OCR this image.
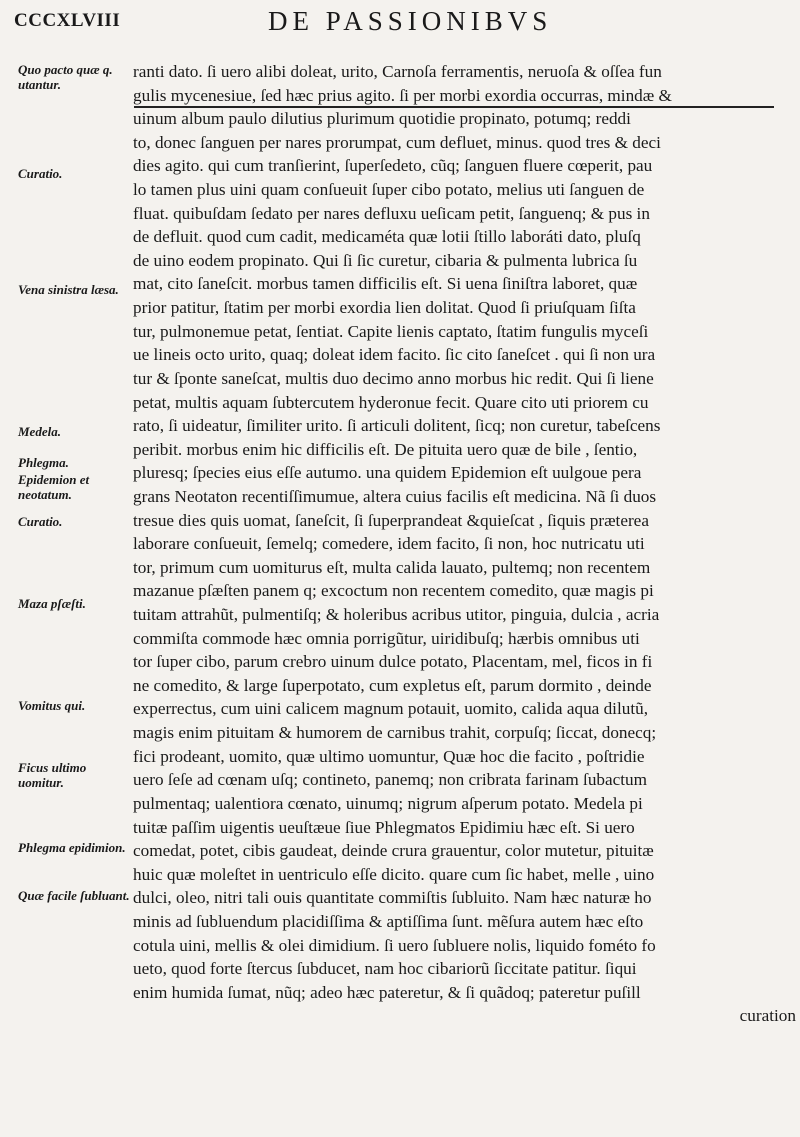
CCCXLVIII	DE PASSIONIBVS
Quo pacto quæ q. utantur.
Curatio.
Vena sinistra læsa.
Medela.
Phlegma.
Epidemion et neotatum.
Curatio.
Maza pſæſti.
Vomitus qui.
Ficus ultimo uomitur.
Phlegma epidimion.
Quæ facile ſubluant.
ranti dato. ſi uero alibi doleat, urito, Carnoſa ferramentis, neruoſa & oſſea fun
gulis mycenesiue, ſed hæc prius agito. ſi per morbi exordia occurras, mindæ &
uinum album paulo dilutius plurimum quotidie propinato, potumq; reddi
to, donec ſanguen per nares prorumpat, cum defluet, minus. quod tres & deci
dies agito. qui cum tranſierint, ſuperſedeto, cũq; ſanguen fluere cœperit, pau
lo tamen plus uini quam conſueuit ſuper cibo potato, melius uti ſanguen de
fluat. quibuſdam ſedato per nares defluxu ueſicam petit, ſanguenq; & pus in
de defluit. quod cum cadit, medicaméta quæ lotii ſtillo laboráti dato, pluſq
de uino eodem propinato. Qui ſi ſic curetur, cibaria & pulmenta lubrica ſu
mat, cito ſaneſcit. morbus tamen difficilis eſt. Si uena ſiniſtra laboret, quæ
prior patitur, ſtatim per morbi exordia lien dolitat. Quod ſi priuſquam ſiſta
tur, pulmonemue petat, ſentiat. Capite lienis captato, ſtatim fungulis myceſi
ue lineis octo urito, quaq; doleat idem facito. ſic cito ſaneſcet . qui ſi non ura
tur & ſponte saneſcat, multis duo decimo anno morbus hic redit. Qui ſi liene
petat, multis aquam ſubtercutem hyderonue fecit. Quare cito uti priorem cu
rato, ſi uideatur, ſimiliter urito. ſi articuli dolitent, ſicq; non curetur, tabeſcens
peribit. morbus enim hic difficilis eſt. De pituita uero quæ de bile , ſentio,
pluresq; ſpecies eius eſſe autumo. una quidem Epidemion eſt uulgoue pera
grans Neotaton recentiſſimumue, altera cuius facilis eſt medicina. Nã ſi duos
tresue dies quis uomat, ſaneſcit, ſi ſuperprandeat &quieſcat , ſiquis præterea
laborare conſueuit, ſemelq; comedere, idem facito, ſi non, hoc nutricatu uti
tor, primum cum uomiturus eſt, multa calida lauato, pultemq; non recentem
mazanue pſæſten panem q; excoctum non recentem comedito, quæ magis pi
tuitam attrahũt, pulmentiſq; & holeribus acribus utitor, pinguia, dulcia , acria
commiſta commode hæc omnia porrigũtur, uiridibuſq; hærbis omnibus uti
tor ſuper cibo, parum crebro uinum dulce potato, Placentam, mel, ficos in fi
ne comedito, & large ſuperpotato, cum expletus eſt, parum dormito , deinde
experrectus, cum uini calicem magnum potauit, uomito, calida aqua dilutũ,
magis enim pituitam & humorem de carnibus trahit, corpuſq; ſiccat, donecq;
fici prodeant, uomito, quæ ultimo uomuntur, Quæ hoc die facito , poſtridie
uero ſeſe ad cœnam uſq; contineto, panemq; non cribrata farinam ſubactum
pulmentaq; ualentiora cœnato, uinumq; nigrum aſperum potato. Medela pi
tuitæ paſſim uigentis ueuſtæue ſiue Phlegmatos Epidimiu hæc eſt. Si uero
comedat, potet, cibis gaudeat, deinde crura grauentur, color mutetur, pituitæ
huic quæ moleſtet in uentriculo eſſe dicito. quare cum ſic habet, melle , uino
dulci, oleo, nitri tali ouis quantitate commiſtis ſubluito. Nam hæc naturæ ho
minis ad ſubluendum placidiſſima & aptiſſima ſunt. mẽſura autem hæc eſto
cotula uini, mellis & olei dimidium. ſi uero ſubluere nolis, liquido fométo fo
ueto, quod forte ſtercus ſubducet, nam hoc cibariorũ ſiccitate patitur. ſiqui
enim humida ſumat, nũq; adeo hæc pateretur, & ſi quãdoq; pateretur puſill
curation
